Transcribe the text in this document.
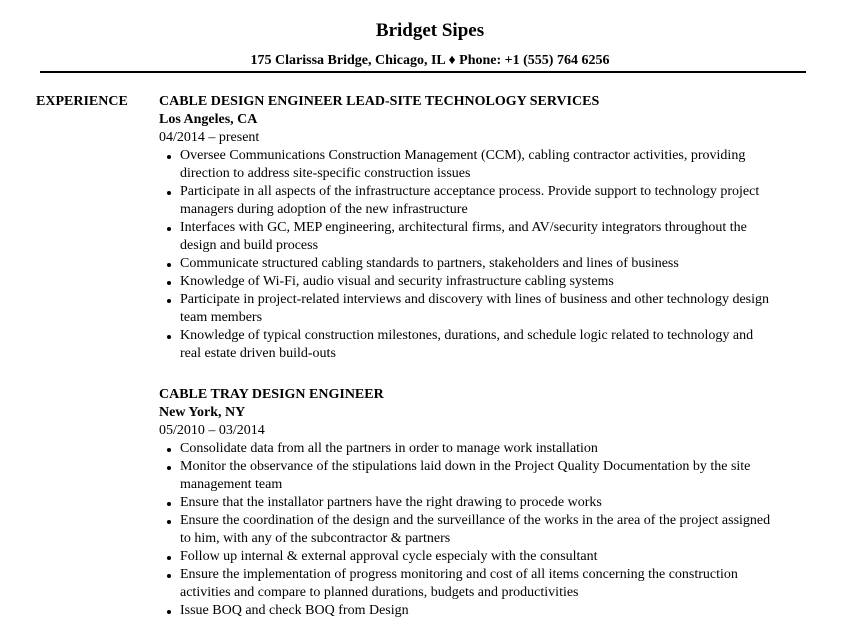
Bridget Sipes
175 Clarissa Bridge, Chicago, IL ♦ Phone: +1 (555) 764 6256
EXPERIENCE CABLE DESIGN ENGINEER LEAD-SITE TECHNOLOGY SERVICES
Los Angeles, CA
04/2014 – present
Oversee Communications Construction Management (CCM), cabling contractor activities, providing
direction to address site-specific construction issues
Participate in all aspects of the infrastructure acceptance process. Provide support to technology project
managers during adoption of the new infrastructure
Interfaces with GC, MEP engineering, architectural firms, and AV/security integrators throughout the
design and build process
Communicate structured cabling standards to partners, stakeholders and lines of business
Knowledge of Wi-Fi, audio visual and security infrastructure cabling systems
Participate in project-related interviews and discovery with lines of business and other technology design
team members
Knowledge of typical construction milestones, durations, and schedule logic related to technology and
real estate driven build-outs
CABLE TRAY DESIGN ENGINEER
New York, NY
05/2010 – 03/2014
Consolidate data from all the partners in order to manage work installation
Monitor the observance of the stipulations laid down in the Project Quality Documentation by the site
management team
Ensure that the installator partners have the right drawing to procede works
Ensure the coordination of the design and the surveillance of the works in the area of the project assigned
to him, with any of the subcontractor & partners
Follow up internal & external approval cycle especialy with the consultant
Ensure the implementation of progress monitoring and cost of all items concerning the construction
activities and compare to planned durations, budgets and productivities
Issue BOQ and check BOQ from Design
